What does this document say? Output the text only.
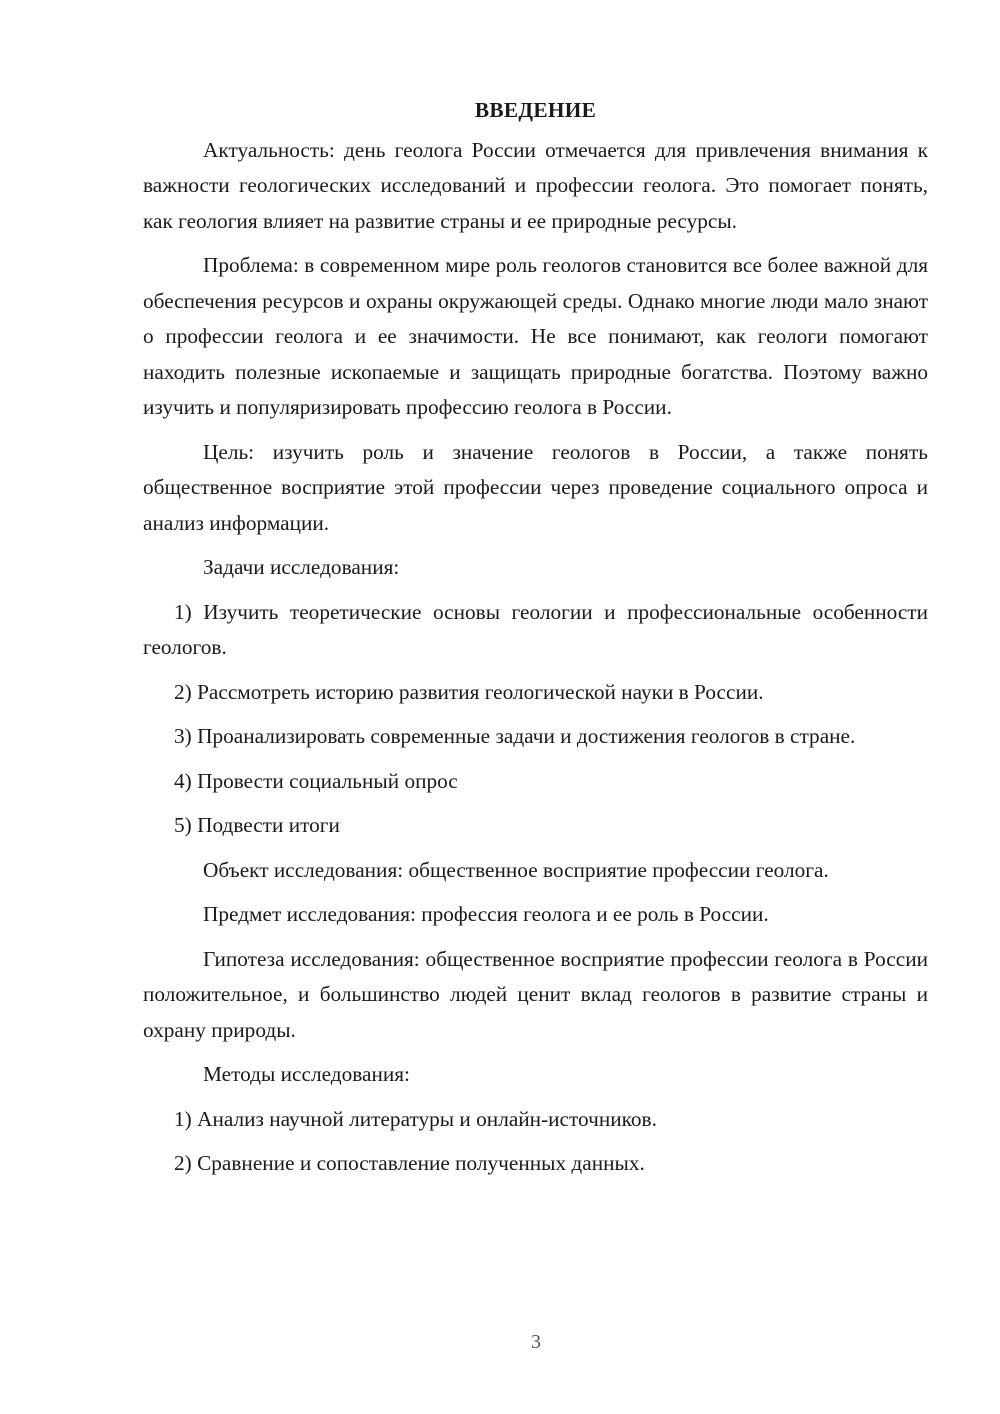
ВВЕДЕНИЕ

Актуальность: день геолога России отмечается для привлечения внимания к важности геологических исследований и профессии геолога. Это помогает понять, как геология влияет на развитие страны и ее природные ресурсы.

Проблема: в современном мире роль геологов становится все более важной для обеспечения ресурсов и охраны окружающей среды. Однако многие люди мало знают о профессии геолога и ее значимости. Не все понимают, как геологи помогают находить полезные ископаемые и защищать природные богатства. Поэтому важно изучить и популяризировать профессию геолога в России.

Цель: изучить роль и значение геологов в России, а также понять общественное восприятие этой профессии через проведение социального опроса и анализ информации.

Задачи исследования:

1) Изучить теоретические основы геологии и профессиональные особенности геологов.

2) Рассмотреть историю развития геологической науки в России.

3) Проанализировать современные задачи и достижения геологов в стране.

4) Провести социальный опрос

5) Подвести итоги

Объект исследования: общественное восприятие профессии геолога.

Предмет исследования: профессия геолога и ее роль в России.

Гипотеза исследования: общественное восприятие профессии геолога в России положительное, и большинство людей ценит вклад геологов в развитие страны и охрану природы.

Методы исследования:

1) Анализ научной литературы и онлайн-источников.

2) Сравнение и сопоставление полученных данных.

3
